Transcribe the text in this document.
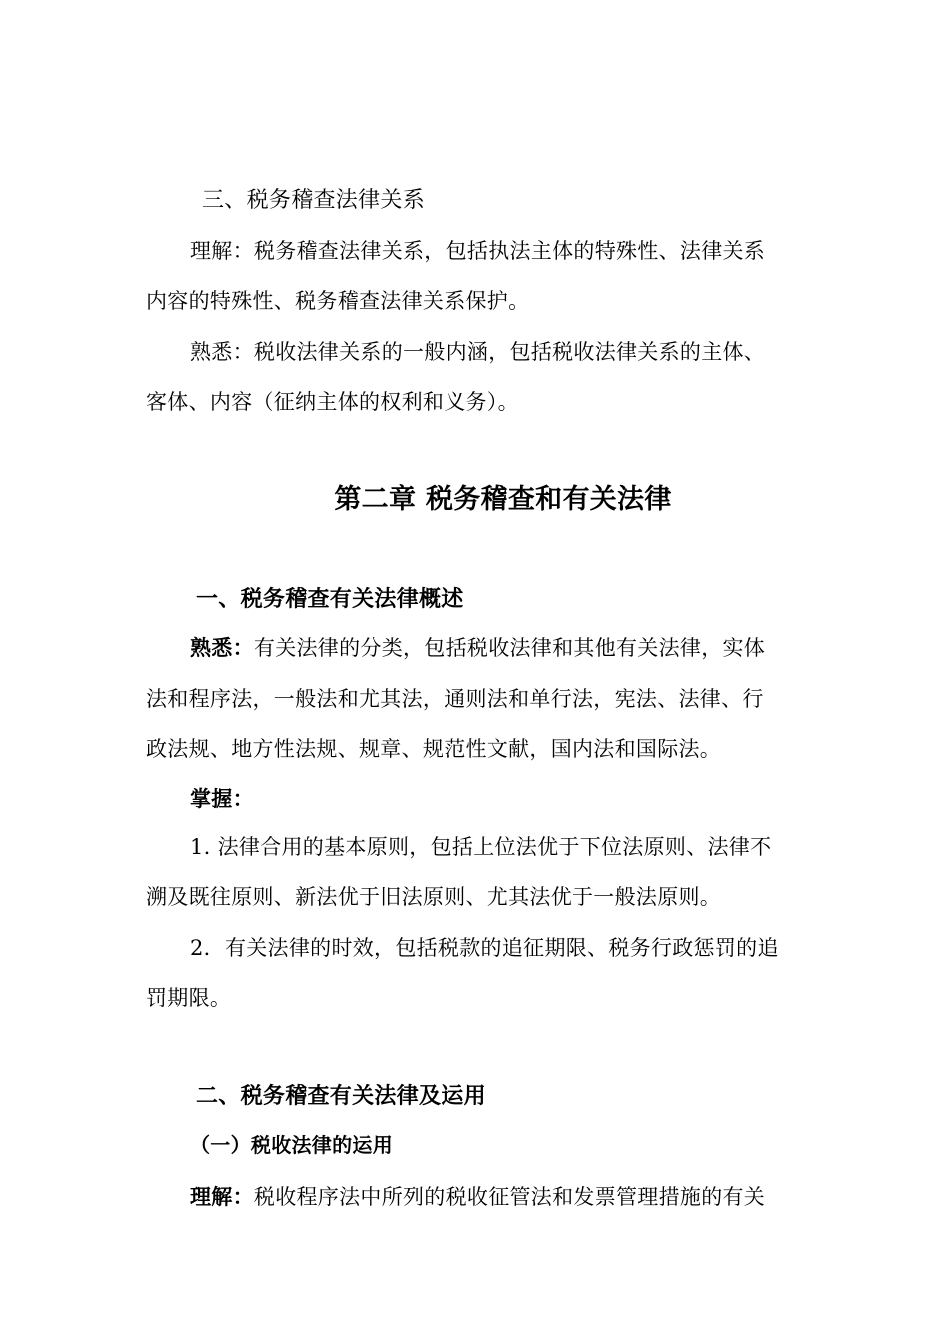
三、税务稽查法律关系
理解：税务稽查法律关系，包括执法主体的特殊性、法律关系
内容的特殊性、税务稽查法律关系保护。
熟悉：税收法律关系的一般内涵，包括税收法律关系的主体、
客体、内容（征纳主体的权利和义务）。
第二章 税务稽查和有关法律
一、税务稽查有关法律概述
熟悉：有关法律的分类，包括税收法律和其他有关法律，实体
法和程序法，一般法和尤其法，通则法和单行法，宪法、法律、行
政法规、地方性法规、规章、规范性文献，国内法和国际法。
掌握：
1. 法律合用的基本原则，包括上位法优于下位法原则、法律不
溯及既往原则、新法优于旧法原则、尤其法优于一般法原则。
2．有关法律的时效，包括税款的追征期限、税务行政惩罚的追
罚期限。
二、税务稽查有关法律及运用
（一）税收法律的运用
理解：税收程序法中所列的税收征管法和发票管理措施的有关
